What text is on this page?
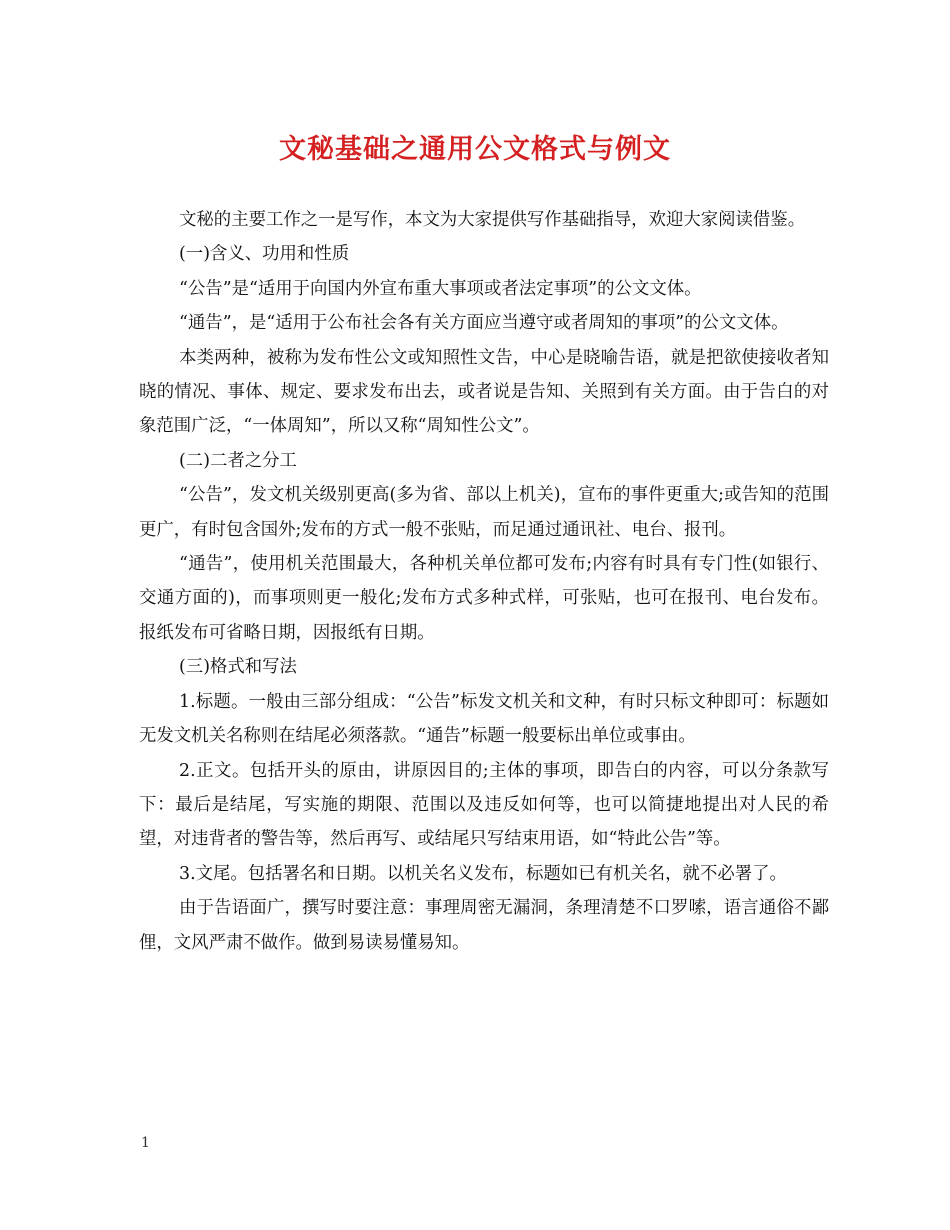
文秘基础之通用公文格式与例文

文秘的主要工作之一是写作，本文为大家提供写作基础指导，欢迎大家阅读借鉴。

(一)含义、功用和性质

“公告”是“适用于向国内外宣布重大事项或者法定事项”的公文文体。

“通告”，是“适用于公布社会各有关方面应当遵守或者周知的事项”的公文文体。

本类两种，被称为发布性公文或知照性文告，中心是晓喻告语，就是把欲使接收者知晓的情况、事体、规定、要求发布出去，或者说是告知、关照到有关方面。由于告白的对象范围广泛，“一体周知”，所以又称“周知性公文”。

(二)二者之分工

“公告”，发文机关级别更高(多为省、部以上机关)，宣布的事件更重大;或告知的范围更广，有时包含国外;发布的方式一般不张贴，而足通过通讯社、电台、报刊。

“通告”，使用机关范围最大，各种机关单位都可发布;内容有时具有专门性(如银行、交通方面的)，而事项则更一般化;发布方式多种式样，可张贴，也可在报刊、电台发布。报纸发布可省略日期，因报纸有日期。

(三)格式和写法

1.标题。一般由三部分组成：“公告”标发文机关和文种，有时只标文种即可：标题如无发文机关名称则在结尾必须落款。“通告”标题一般要标出单位或事由。

2.正文。包括开头的原由，讲原因目的;主体的事项，即告白的内容，可以分条款写下：最后是结尾，写实施的期限、范围以及违反如何等，也可以简捷地提出对人民的希望，对违背者的警告等，然后再写、或结尾只写结束用语，如“特此公告”等。

3.文尾。包括署名和日期。以机关名义发布，标题如已有机关名，就不必署了。

由于告语面广，撰写时要注意：事理周密无漏洞，条理清楚不口罗嗦，语言通俗不鄙俚，文风严肃不做作。做到易读易懂易知。

1
